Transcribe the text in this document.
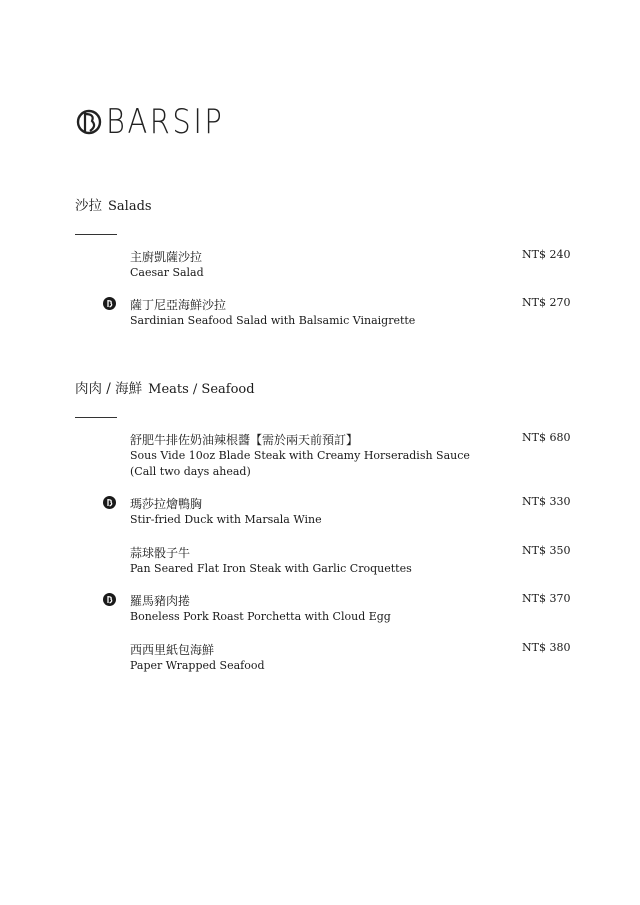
BARSIP

沙拉 Salads

主廚凱薩沙拉
Caesar Salad
NT$ 240
薩丁尼亞海鮮沙拉
Sardinian Seafood Salad with Balsamic Vinaigrette
NT$ 270

肉肉 / 海鮮 Meats / Seafood

舒肥牛排佐奶油辣根醬【需於兩天前預訂】
Sous Vide 10oz Blade Steak with Creamy Horseradish Sauce
(Call two days ahead)
NT$ 680
瑪莎拉燴鴨胸
Stir-fried Duck with Marsala Wine
NT$ 330
蒜球骰子牛
Pan Seared Flat Iron Steak with Garlic Croquettes
NT$ 350
羅馬豬肉捲
Boneless Pork Roast Porchetta with Cloud Egg
NT$ 370
西西里紙包海鮮
Paper Wrapped Seafood
NT$ 380
